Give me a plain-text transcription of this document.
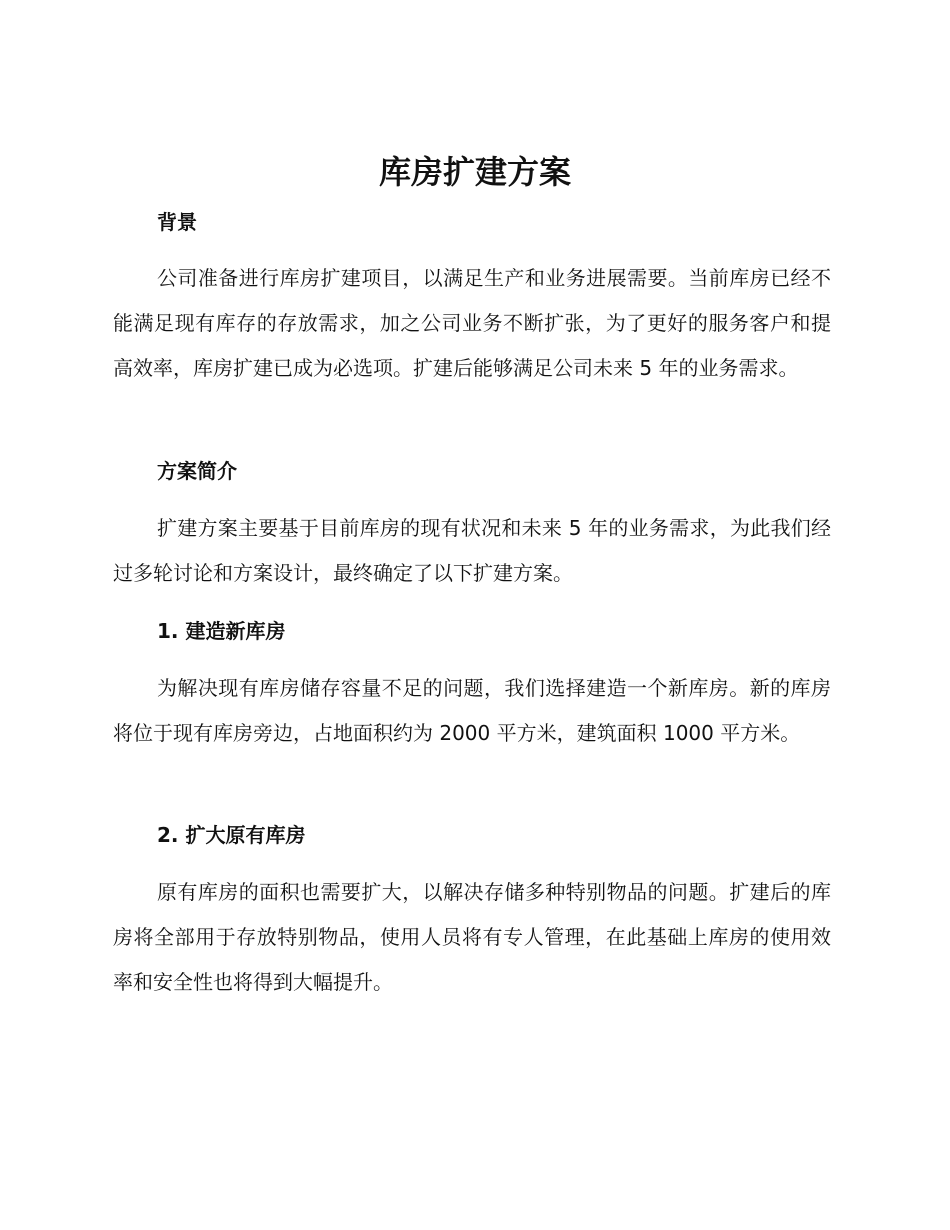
库房扩建方案
背景

公司准备进行库房扩建项目，以满足生产和业务进展需要。当前库房已经不能满足现有库存的存放需求，加之公司业务不断扩张，为了更好的服务客户和提高效率，库房扩建已成为必选项。扩建后能够满足公司未来 5 年的业务需求。

方案简介

扩建方案主要基于目前库房的现有状况和未来 5 年的业务需求，为此我们经过多轮讨论和方案设计，最终确定了以下扩建方案。

1. 建造新库房

为解决现有库房储存容量不足的问题，我们选择建造一个新库房。新的库房将位于现有库房旁边，占地面积约为 2000 平方米，建筑面积 1000 平方米。

2. 扩大原有库房

原有库房的面积也需要扩大，以解决存储多种特别物品的问题。扩建后的库房将全部用于存放特别物品，使用人员将有专人管理，在此基础上库房的使用效率和安全性也将得到大幅提升。
